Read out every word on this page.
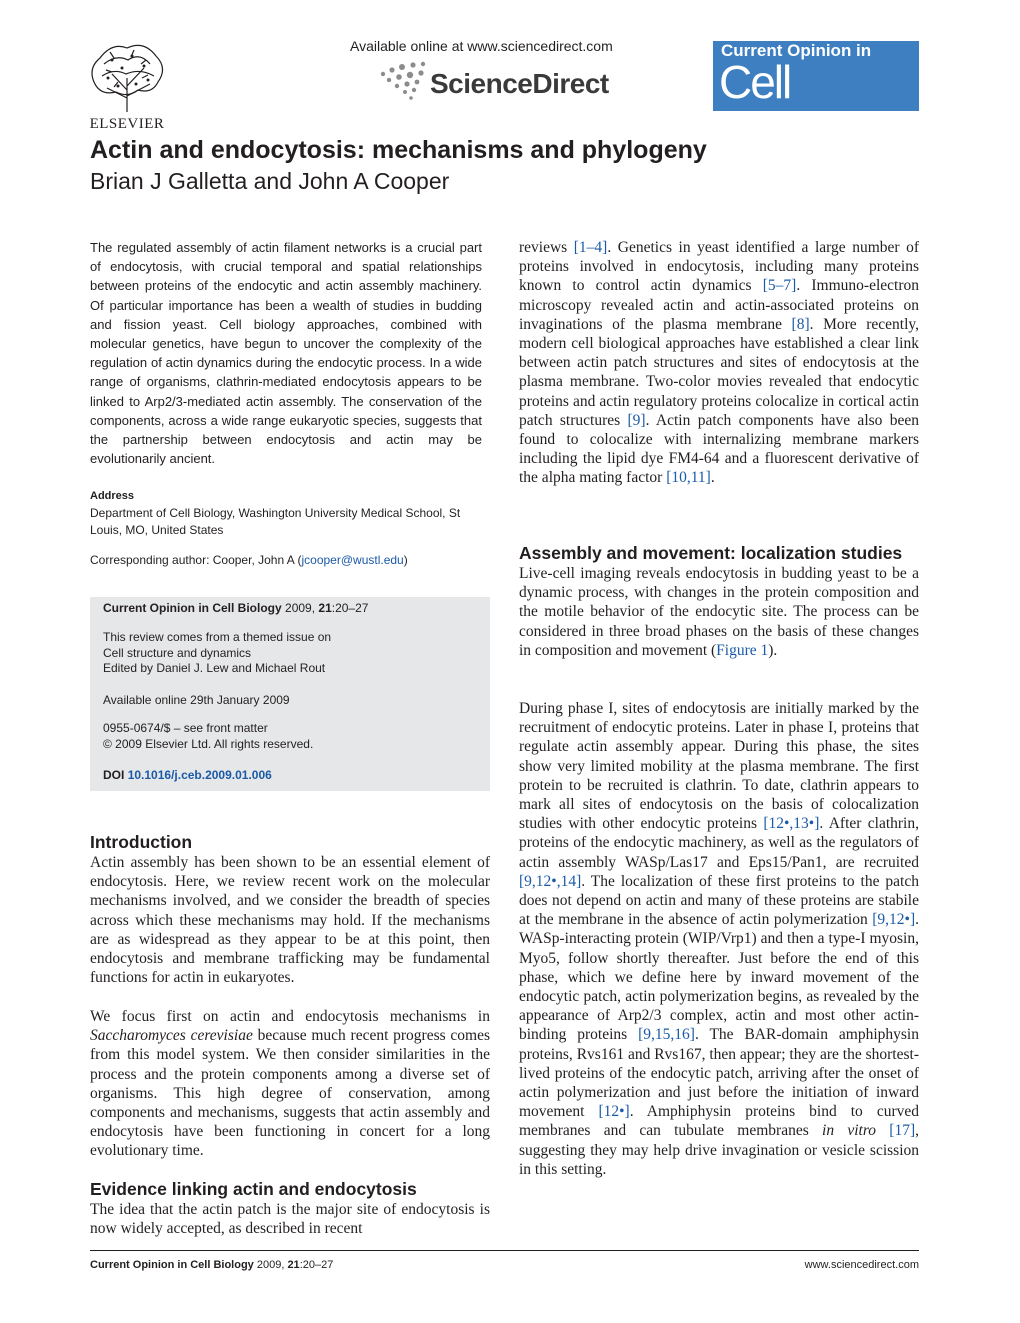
ELSEVIER
Available online at www.sciencedirect.com
ScienceDirect
Current Opinion in
Cell Biology
Actin and endocytosis: mechanisms and phylogeny
Brian J Galletta and John A Cooper
The regulated assembly of actin filament networks is a crucial part of endocytosis, with crucial temporal and spatial relationships between proteins of the endocytic and actin assembly machinery. Of particular importance has been a wealth of studies in budding and fission yeast. Cell biology approaches, combined with molecular genetics, have begun to uncover the complexity of the regulation of actin dynamics during the endocytic process. In a wide range of organisms, clathrin-mediated endocytosis appears to be linked to Arp2/3-mediated actin assembly. The conservation of the components, across a wide range eukaryotic species, suggests that the partnership between endocytosis and actin may be evolutionarily ancient.
Address
Department of Cell Biology, Washington University Medical School, St Louis, MO, United States
Corresponding author: Cooper, John A (jcooper@wustl.edu)
Current Opinion in Cell Biology 2009, 21:20–27
This review comes from a themed issue on
Cell structure and dynamics
Edited by Daniel J. Lew and Michael Rout
Available online 29th January 2009
0955-0674/$ – see front matter
© 2009 Elsevier Ltd. All rights reserved.
DOI 10.1016/j.ceb.2009.01.006
Introduction
Actin assembly has been shown to be an essential element of endocytosis. Here, we review recent work on the molecular mechanisms involved, and we consider the breadth of species across which these mechanisms may hold. If the mechanisms are as widespread as they appear to be at this point, then endocytosis and membrane trafficking may be fundamental functions for actin in eukaryotes.
We focus first on actin and endocytosis mechanisms in Saccharomyces cerevisiae because much recent progress comes from this model system. We then consider similarities in the process and the protein components among a diverse set of organisms. This high degree of conservation, among components and mechanisms, suggests that actin assembly and endocytosis have been functioning in concert for a long evolutionary time.
Evidence linking actin and endocytosis
The idea that the actin patch is the major site of endocytosis is now widely accepted, as described in recent
reviews [1–4]. Genetics in yeast identified a large number of proteins involved in endocytosis, including many proteins known to control actin dynamics [5–7]. Immuno-electron microscopy revealed actin and actin-associated proteins on invaginations of the plasma membrane [8]. More recently, modern cell biological approaches have established a clear link between actin patch structures and sites of endocytosis at the plasma membrane. Two-color movies revealed that endocytic proteins and actin regulatory proteins colocalize in cortical actin patch structures [9]. Actin patch components have also been found to colocalize with internalizing membrane markers including the lipid dye FM4-64 and a fluorescent derivative of the alpha mating factor [10,11].
Assembly and movement: localization studies
Live-cell imaging reveals endocytosis in budding yeast to be a dynamic process, with changes in the protein composition and the motile behavior of the endocytic site. The process can be considered in three broad phases on the basis of these changes in composition and movement (Figure 1).
During phase I, sites of endocytosis are initially marked by the recruitment of endocytic proteins. Later in phase I, proteins that regulate actin assembly appear. During this phase, the sites show very limited mobility at the plasma membrane. The first protein to be recruited is clathrin. To date, clathrin appears to mark all sites of endocytosis on the basis of colocalization studies with other endocytic proteins [12•,13•]. After clathrin, proteins of the endocytic machinery, as well as the regulators of actin assembly WASp/Las17 and Eps15/Pan1, are recruited [9,12•,14]. The localization of these first proteins to the patch does not depend on actin and many of these proteins are stabile at the membrane in the absence of actin polymerization [9,12•]. WASp-interacting protein (WIP/Vrp1) and then a type-I myosin, Myo5, follow shortly thereafter. Just before the end of this phase, which we define here by inward movement of the endocytic patch, actin polymerization begins, as revealed by the appearance of Arp2/3 complex, actin and most other actin-binding proteins [9,15,16]. The BAR-domain amphiphysin proteins, Rvs161 and Rvs167, then appear; they are the shortest-lived proteins of the endocytic patch, arriving after the onset of actin polymerization and just before the initiation of inward movement [12•]. Amphiphysin proteins bind to curved membranes and can tubulate membranes in vitro [17], suggesting they may help drive invagination or vesicle scission in this setting.
Current Opinion in Cell Biology 2009, 21:20–27	www.sciencedirect.com
